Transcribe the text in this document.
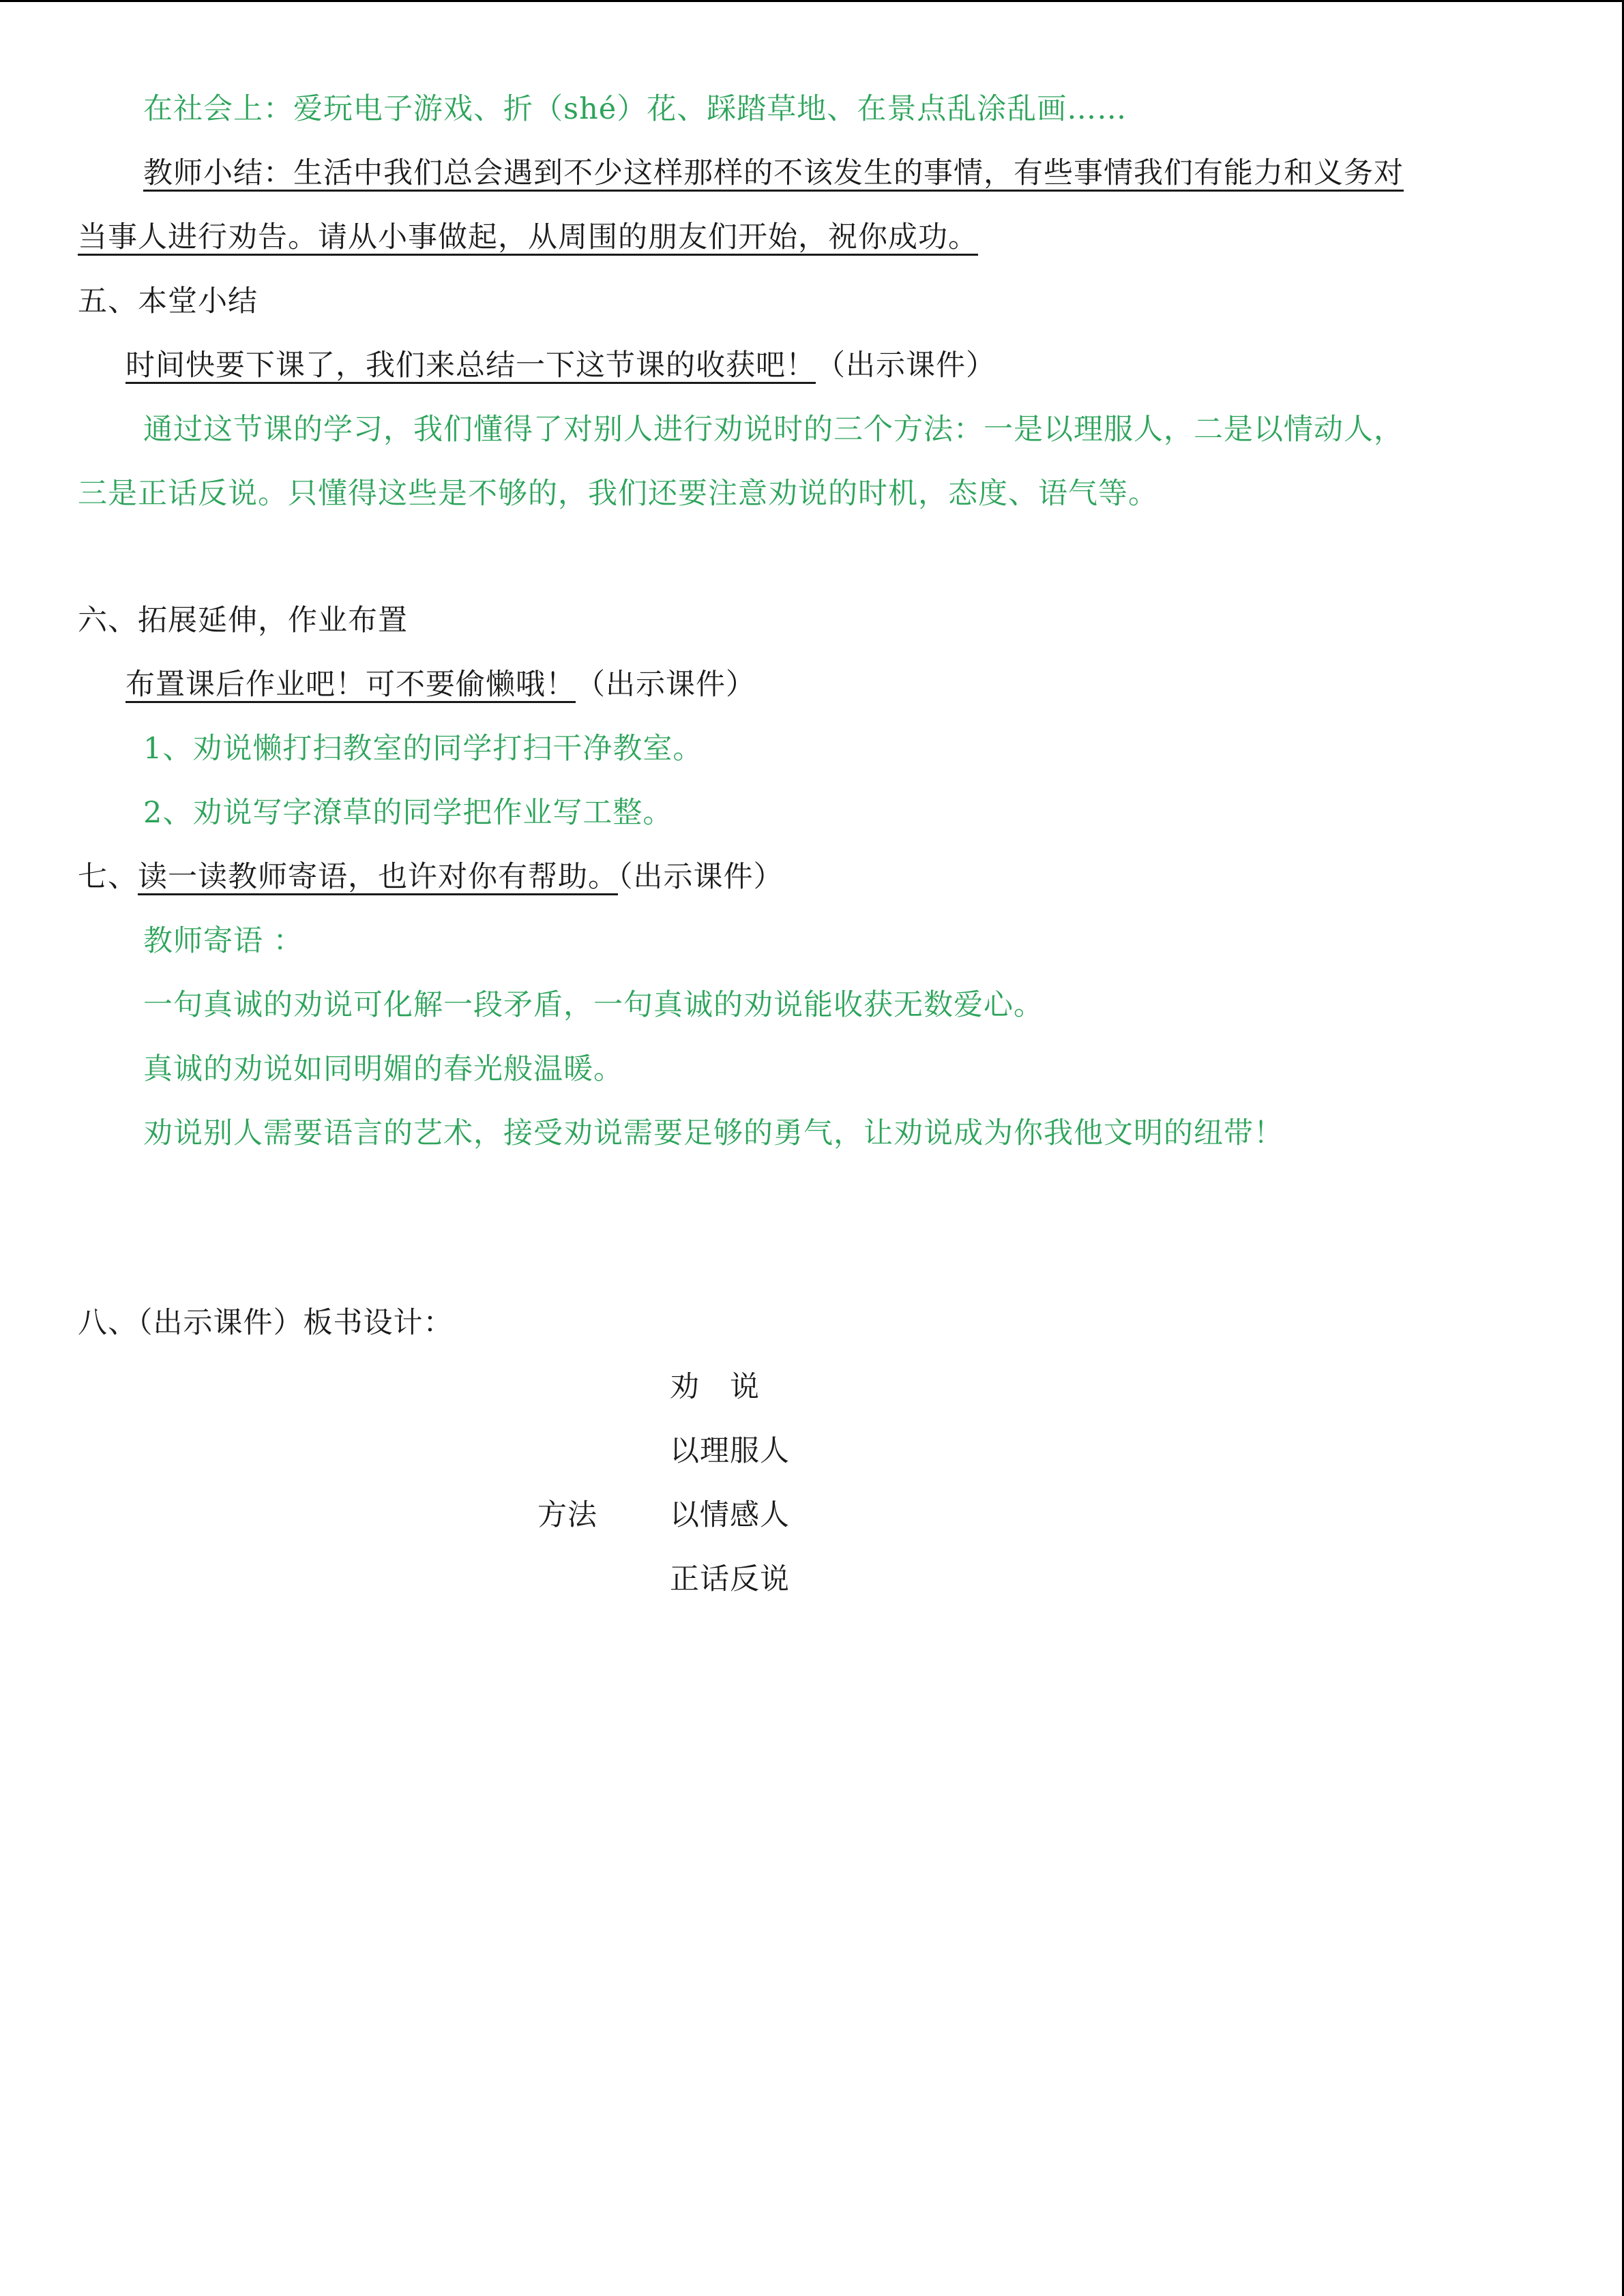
在社会上：爱玩电子游戏、折（shé）花、踩踏草地、在景点乱涂乱画……
教师小结：生活中我们总会遇到不少这样那样的不该发生的事情，有些事情我们有能力和义务对
当事人进行劝告。请从小事做起，从周围的朋友们开始，祝你成功。
五、本堂小结
时间快要下课了，我们来总结一下这节课的收获吧！（出示课件）
通过这节课的学习，我们懂得了对别人进行劝说时的三个方法：一是以理服人，二是以情动人，
三是正话反说。只懂得这些是不够的，我们还要注意劝说的时机，态度、语气等。
六、拓展延伸，作业布置
布置课后作业吧！可不要偷懒哦！（出示课件）
1、劝说懒打扫教室的同学打扫干净教室。
2、劝说写字潦草的同学把作业写工整。
七、读一读教师寄语，也许对你有帮助。（出示课件）
教师寄语 ：
一句真诚的劝说可化解一段矛盾，一句真诚的劝说能收获无数爱心。
真诚的劝说如同明媚的春光般温暖。
劝说别人需要语言的艺术，接受劝说需要足够的勇气，让劝说成为你我他文明的纽带！
八、（出示课件）板书设计：
劝   说
以理服人
方法 以情感人
正话反说
